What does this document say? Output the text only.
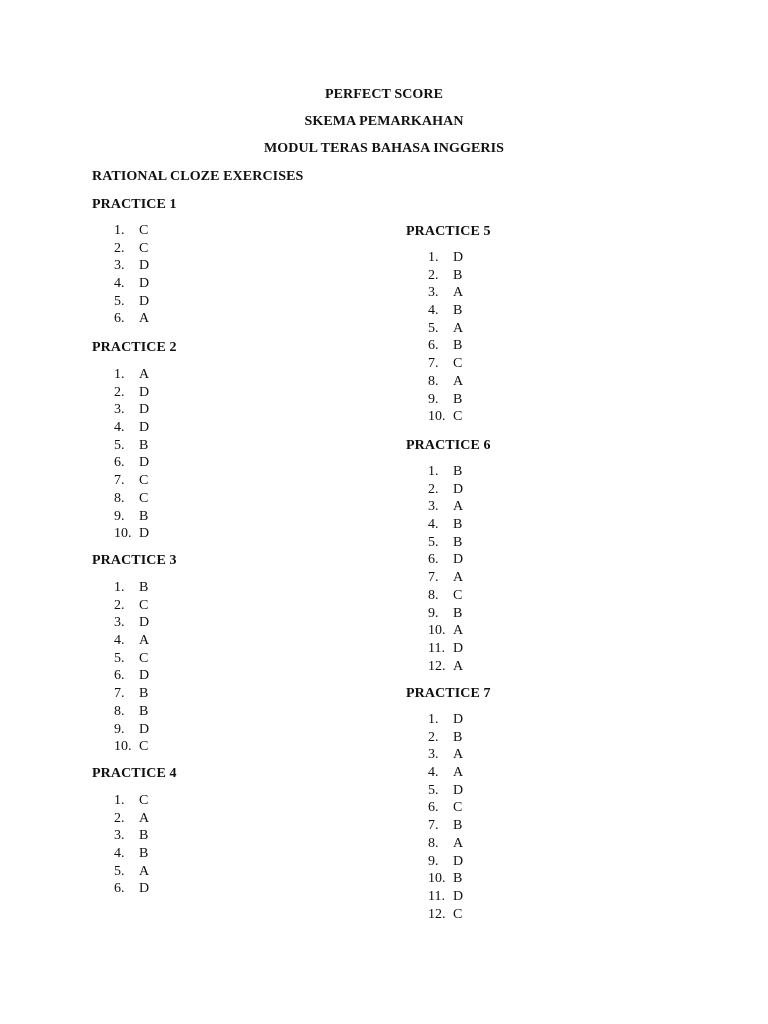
PERFECT SCORE
SKEMA PEMARKAHAN
MODUL TERAS BAHASA INGGERIS
RATIONAL CLOZE EXERCISES
PRACTICE 1
1. C
2. C
3. D
4. D
5. D
6. A
PRACTICE 2
1. A
2. D
3. D
4. D
5. B
6. D
7. C
8. C
9. B
10. D
PRACTICE 3
1. B
2. C
3. D
4. A
5. C
6. D
7. B
8. B
9. D
10. C
PRACTICE 4
1. C
2. A
3. B
4. B
5. A
6. D
PRACTICE 5
1. D
2. B
3. A
4. B
5. A
6. B
7. C
8. A
9. B
10. C
PRACTICE 6
1. B
2. D
3. A
4. B
5. B
6. D
7. A
8. C
9. B
10. A
11. D
12. A
PRACTICE 7
1. D
2. B
3. A
4. A
5. D
6. C
7. B
8. A
9. D
10. B
11. D
12. C
